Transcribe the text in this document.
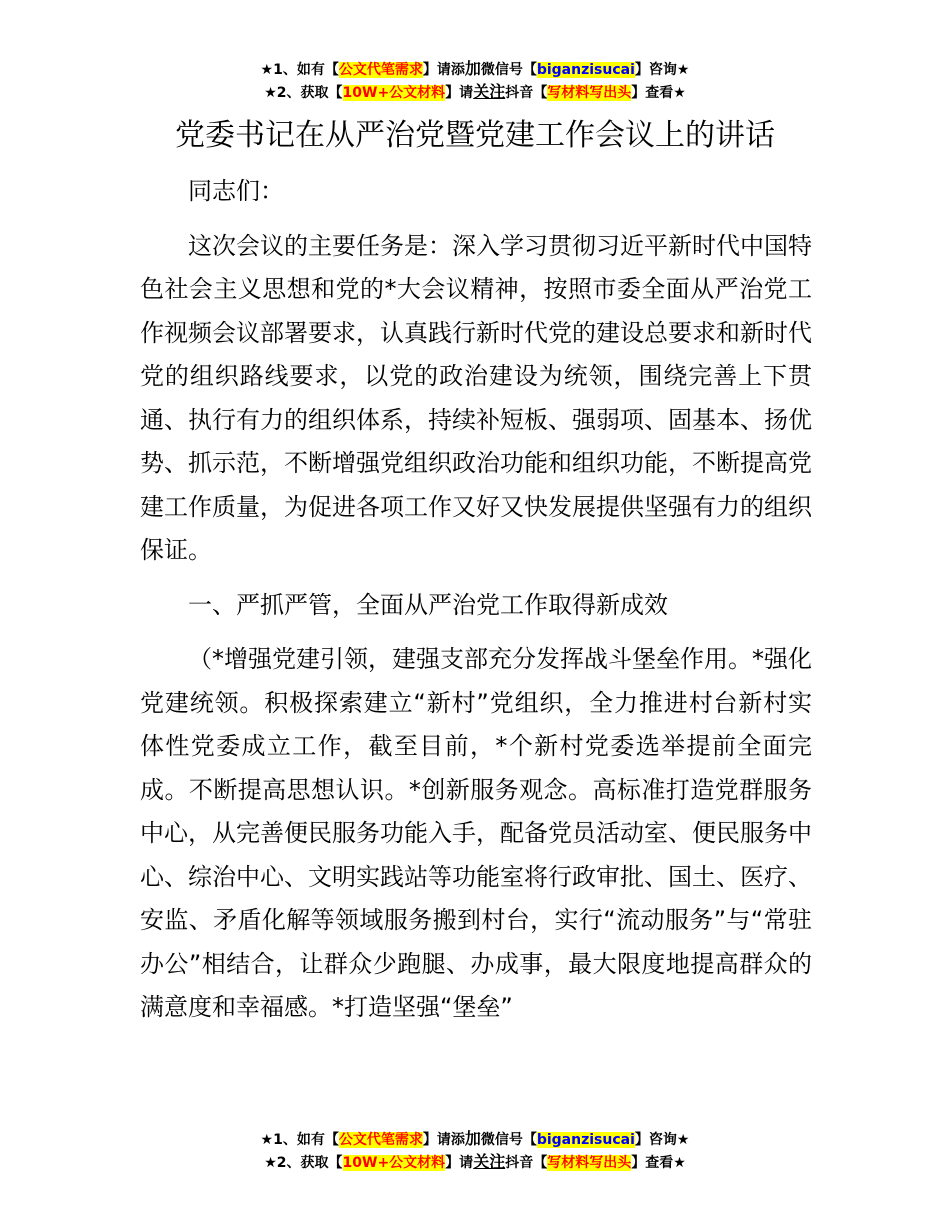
★1、如有【公文代笔需求】请添加微信号【biganzisucai】咨询★
★2、获取【10W+公文材料】请关注抖音【写材料写出头】查看★
党委书记在从严治党暨党建工作会议上的讲话

同志们：

这次会议的主要任务是：深入学习贯彻习近平新时代中国特色社会主义思想和党的*大会议精神，按照市委全面从严治党工作视频会议部署要求，认真践行新时代党的建设总要求和新时代党的组织路线要求，以党的政治建设为统领，围绕完善上下贯通、执行有力的组织体系，持续补短板、强弱项、固基本、扬优势、抓示范，不断增强党组织政治功能和组织功能，不断提高党建工作质量，为促进各项工作又好又快发展提供坚强有力的组织保证。

一、严抓严管，全面从严治党工作取得新成效

（*增强党建引领，建强支部充分发挥战斗堡垒作用。*强化党建统领。积极探索建立“新村”党组织，全力推进村台新村实体性党委成立工作，截至目前，*个新村党委选举提前全面完成。不断提高思想认识。*创新服务观念。高标准打造党群服务中心，从完善便民服务功能入手，配备党员活动室、便民服务中心、综治中心、文明实践站等功能室将行政审批、国土、医疗、安监、矛盾化解等领域服务搬到村台，实行“流动服务”与“常驻办公”相结合，让群众少跑腿、办成事，最大限度地提高群众的满意度和幸福感。*打造坚强“堡垒”

★1、如有【公文代笔需求】请添加微信号【biganzisucai】咨询★
★2、获取【10W+公文材料】请关注抖音【写材料写出头】查看★
